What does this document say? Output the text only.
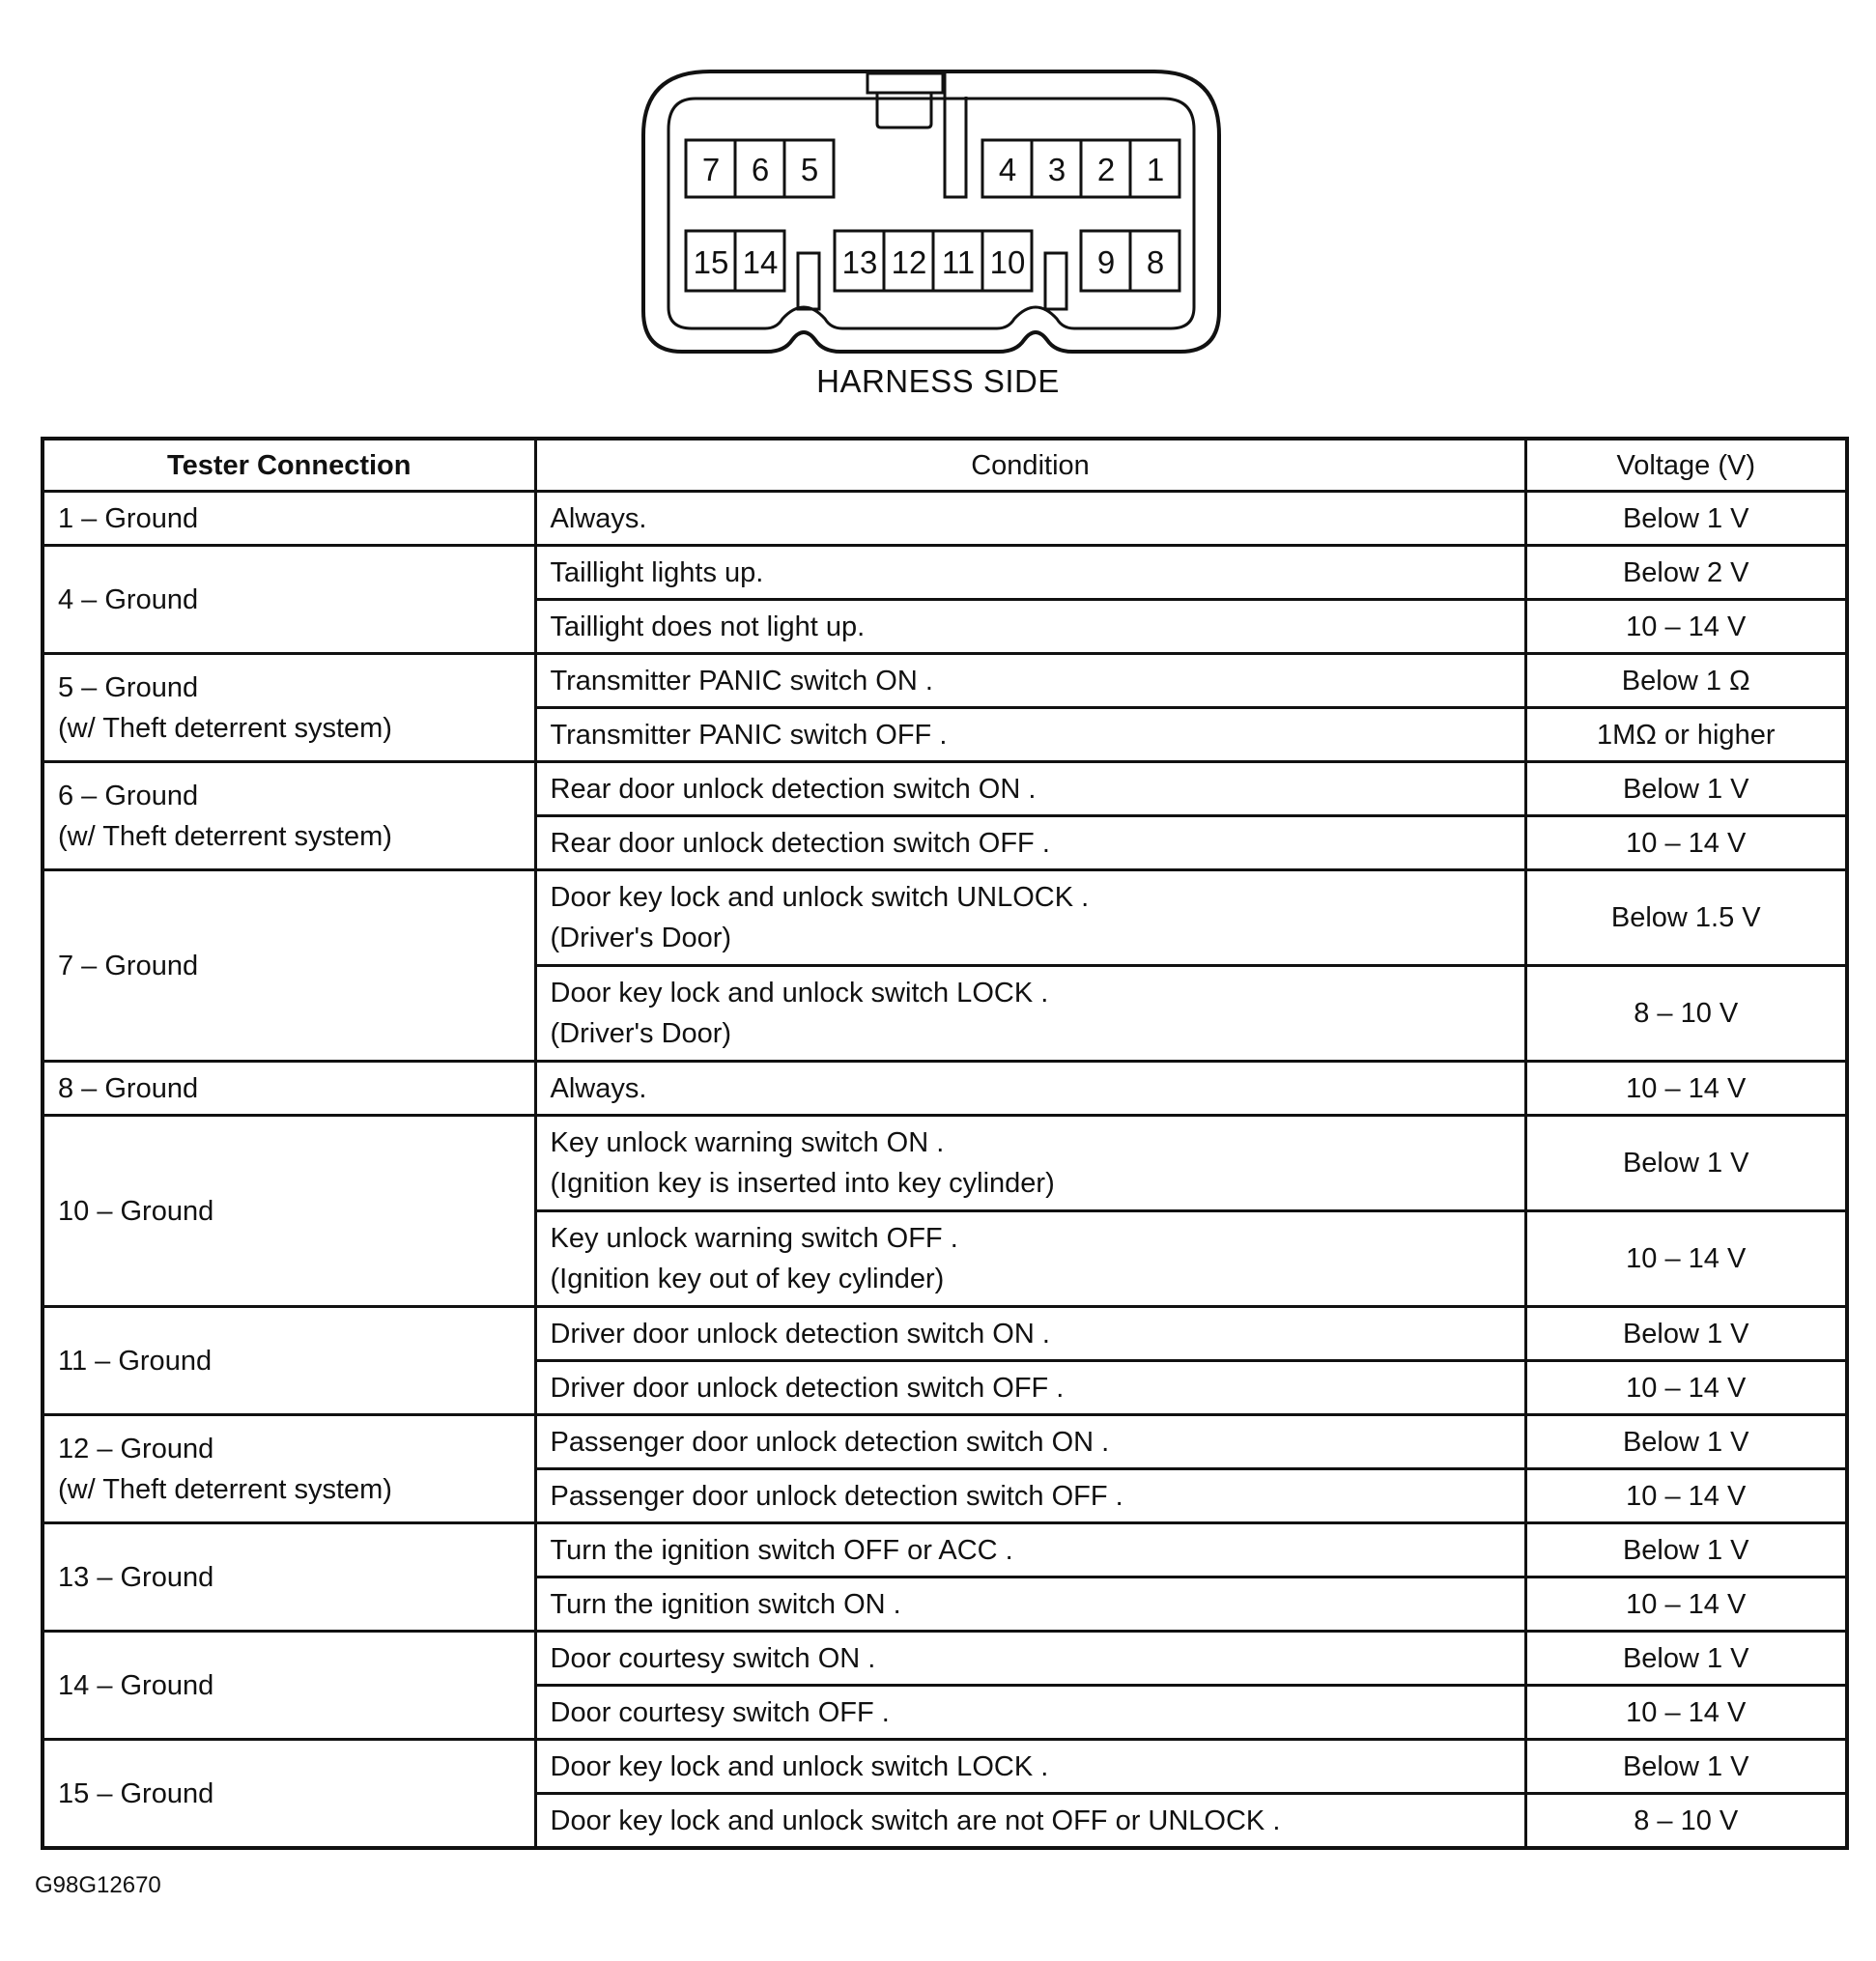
7 6 5	4 3 2 1
15 14 13 12 11 10 9 8
HARNESS SIDE
Tester Connection	Condition	Voltage (V)

1 – Ground	Always.	Below 1 V

4 – Ground	Taillight lights up.	Below 2 V

	Taillight does not light up.	10 – 14 V

5 – Ground
(w/ Theft deterrent system)	Transmitter PANIC switch ON .	Below 1 Ω

	Transmitter PANIC switch OFF .	1MΩ or higher

6 – Ground
(w/ Theft deterrent system)	Rear door unlock detection switch ON .	Below 1 V

	Rear door unlock detection switch OFF .	10 – 14 V

7 – Ground	Door key lock and unlock switch UNLOCK .
(Driver's Door)	Below 1.5 V

	Door key lock and unlock switch LOCK .
(Driver's Door)	8 – 10 V

8 – Ground	Always.	10 – 14 V

10 – Ground	Key unlock warning switch ON .
(Ignition key is inserted into key cylinder)	Below 1 V

	Key unlock warning switch OFF .
(Ignition key out of key cylinder)	10 – 14 V

11 – Ground	Driver door unlock detection switch ON .	Below 1 V

	Driver door unlock detection switch OFF .	10 – 14 V

12 – Ground
(w/ Theft deterrent system)	Passenger door unlock detection switch ON .	Below 1 V

	Passenger door unlock detection switch OFF .	10 – 14 V

13 – Ground	Turn the ignition switch OFF or ACC .	Below 1 V

	Turn the ignition switch ON .	10 – 14 V

14 – Ground	Door courtesy switch ON .	Below 1 V

	Door courtesy switch OFF .	10 – 14 V

15 – Ground	Door key lock and unlock switch LOCK .	Below 1 V

	Door key lock and unlock switch are not OFF or UNLOCK .	8 – 10 V
G98G12670
